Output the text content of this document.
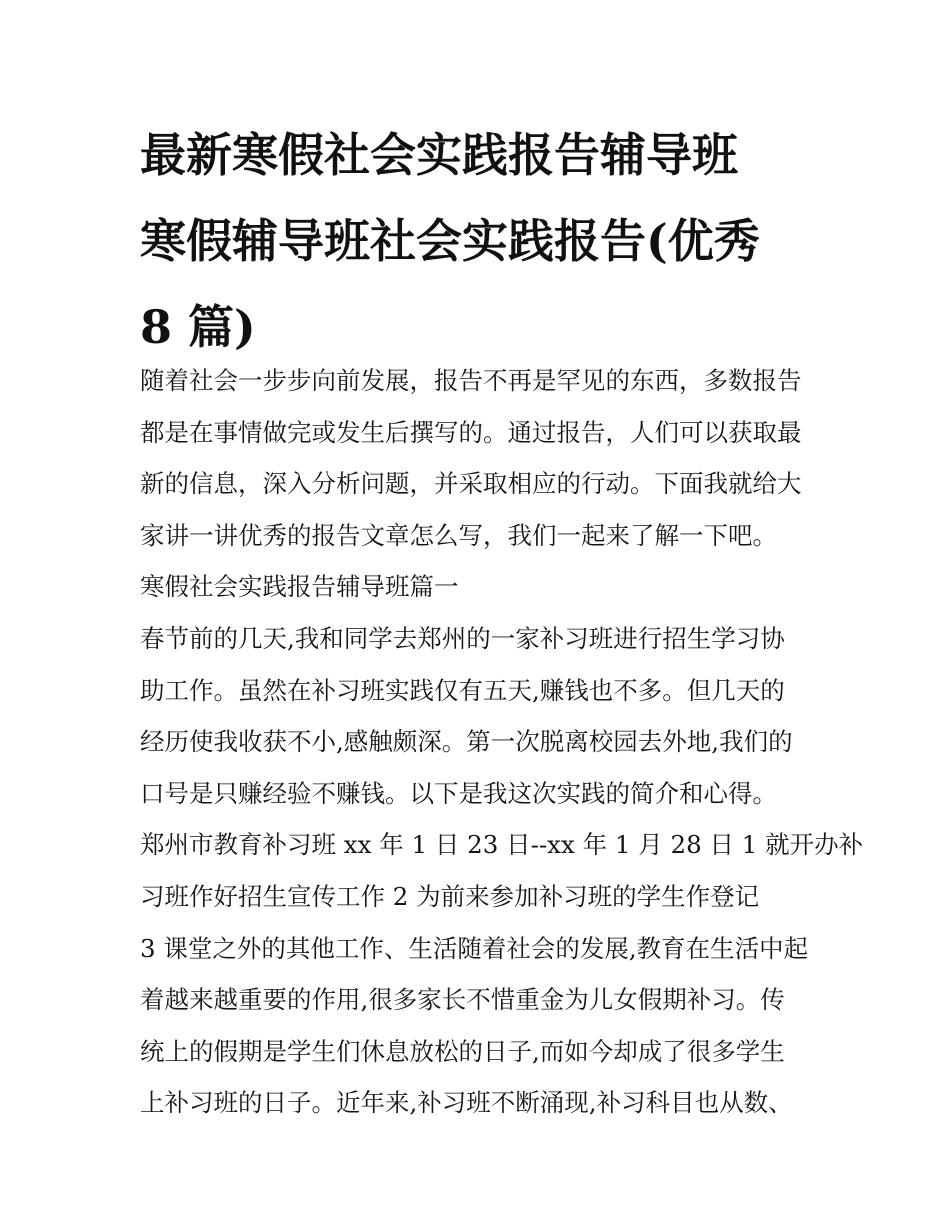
最新寒假社会实践报告辅导班
寒假辅导班社会实践报告(优秀
8 篇)
随着社会一步步向前发展，报告不再是罕见的东西，多数报告
都是在事情做完或发生后撰写的。通过报告，人们可以获取最
新的信息，深入分析问题，并采取相应的行动。下面我就给大
家讲一讲优秀的报告文章怎么写，我们一起来了解一下吧。
寒假社会实践报告辅导班篇一
春节前的几天,我和同学去郑州的一家补习班进行招生学习协
助工作。虽然在补习班实践仅有五天,赚钱也不多。但几天的
经历使我收获不小,感触颇深。第一次脱离校园去外地,我们的
口号是只赚经验不赚钱。以下是我这次实践的简介和心得。
郑州市教育补习班 xx 年 1 日 23 日--xx 年 1 月 28 日 1 就开办补
习班作好招生宣传工作 2 为前来参加补习班的学生作登记
3 课堂之外的其他工作、生活随着社会的发展,教育在生活中起
着越来越重要的作用,很多家长不惜重金为儿女假期补习。传
统上的假期是学生们休息放松的日子,而如今却成了很多学生
上补习班的日子。近年来,补习班不断涌现,补习科目也从数、
